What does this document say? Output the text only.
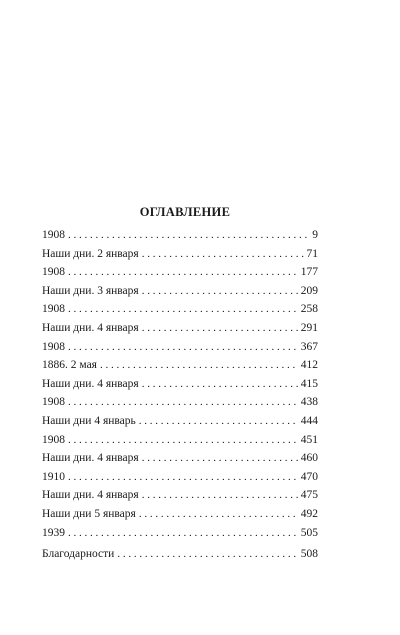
ОГЛАВЛЕНИЕ
1908 . . .	9
Наши дни. 2 января . . .	71
1908 . . .	177
Наши дни. 3 января . . .	209
1908 . . .	258
Наши дни. 4 января . . .	291
1908 . . .	367
1886. 2 мая . . .	412
Наши дни. 4 января . . .	415
1908 . . .	438
Наши дни 4 январь . . .	444
1908 . . .	451
Наши дни. 4 января . . .	460
1910 . . .	470
Наши дни. 4 января . . .	475
Наши дни 5 января . . .	492
1939 . . .	505
Благодарности . . .	508
